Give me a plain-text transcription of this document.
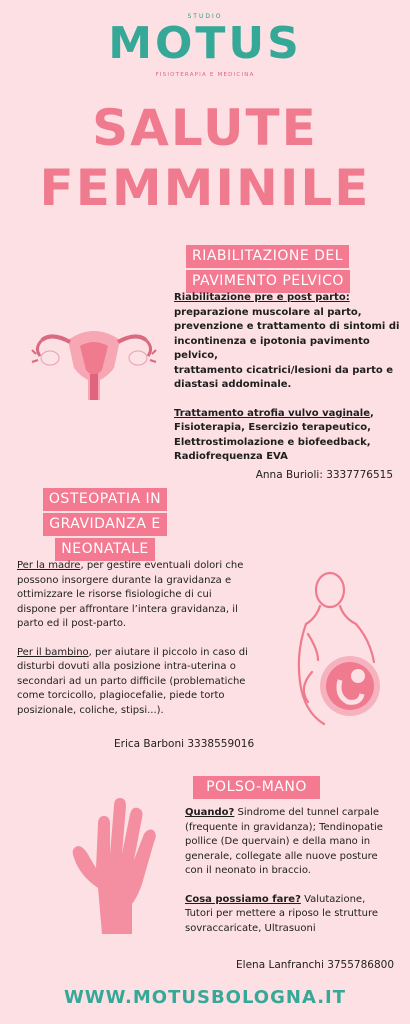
STUDIO
MOTUS
FISIOTERAPIA E MEDICINA
SALUTE
FEMMINILE
RIABILITAZIONE DEL
PAVIMENTO PELVICO
Riabilitazione pre e post parto:
preparazione muscolare al parto,
prevenzione e trattamento di sintomi di
incontinenza e ipotonia pavimento pelvico,
trattamento cicatrici/lesioni da parto e
diastasi addominale.
Trattamento atrofia vulvo vaginale,
Fisioterapia, Esercizio terapeutico,
Elettrostimolazione e biofeedback,
Radiofrequenza EVA
Anna Burioli: 3337776515
OSTEOPATIA IN
GRAVIDANZA E
NEONATALE
Per la madre, per gestire eventuali dolori che
possono insorgere durante la gravidanza e
ottimizzare le risorse fisiologiche di cui
dispone per affrontare l’intera gravidanza, il
parto ed il post-parto.
Per il bambino, per aiutare il piccolo in caso di
disturbi dovuti alla posizione intra-uterina o
secondari ad un parto difficile (problematiche
come torcicollo, plagiocefalie, piede torto
posizionale, coliche, stipsi...).
Erica Barboni 3338559016
POLSO-MANO
Quando? Sindrome del tunnel carpale
(frequente in gravidanza); Tendinopatie
pollice (De quervain) e della mano in
generale, collegate alle nuove posture
con il neonato in braccio.
Cosa possiamo fare? Valutazione,
Tutori per mettere a riposo le strutture
sovraccaricate, Ultrasuoni
Elena Lanfranchi 3755786800
WWW.MOTUSBOLOGNA.IT
